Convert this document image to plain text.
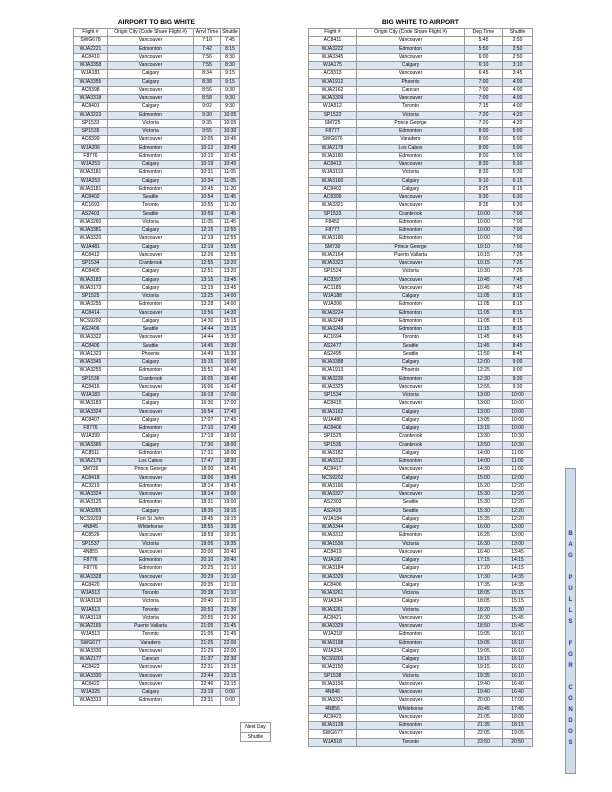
AIRPORT TO BIG WHITE
Flight #	Origin City (Code Share Flight #)	Arrvl Time	Shuttle
SWG678	Vancouver	7:10	7:45
WJA2221	Edmonton	7:42	8:15
AC8410	Vancouver	7:56	8:30
WJA3358	Vancouver	7:55	8:30
WJA181	Calgary	8:34	9:15
WJA3355	Calgary	8:38	9:15
AC8398	Vancouver	8:56	9:30
WJA3318	Vancouver	8:58	9:30
AC8401	Calgary	9:02	9:30
WJA3223	Edmonton	9:30	10:05
SP1533	Victoria	9:35	10:05
SP1535	Victoria	9:55	10:30
AC8399	Vancouver	10:05	10:45
WJA206	Edmonton	10:12	10:45
F8776	Edmonton	10:15	10:45
WJA253	Calgary	10:19	10:45
WJA3181	Edmonton	10:31	11:05
WJA253	Calgary	10:34	11:05
WJA3181	Edmonton	10:45	11:20
AC8402	Seattle	10:54	11:45
AC1693	Toronto	10:55	11:20
AS2403	Seattle	10:59	11:45
WJA3260	Victoria	11:05	11:45
WJA3381	Calgary	12:15	12:55
WJA3320	Vancouver	12:19	12:55
WJA481	Calgary	12:19	12:55
AC8412	Vancouver	12:26	12:55
SP1534	Cranbrook	12:55	13:20
AC8405	Calgary	12:51	13:20
WJA3183	Calgary	13:15	13:45
WJA3173	Calgary	13:15	13:45
SP1525	Victoria	13:25	14:00
WJA3255	Edmonton	13:28	14:00
AC8414	Vancouver	13:56	14:30
NCS9202	Calgary	14:30	15:15
AS2406	Seattle	14:44	15:15
WJA3322	Vancouver	14:44	15:30
AC8406	Seattle	14:45	15:30
WJA1323	Phoenix	14:49	15:30
WJA3345	Calgary	15:15	16:00
WJA3255	Edmonton	15:51	16:40
SP1536	Cranbrook	16:05	16:40
AC8416	Vancouver	16:06	16:40
WJA183	Calgary	16:19	17:00
WJA3183	Calgary	16:30	17:00
WJA3324	Vancouver	16:54	17:45
AC8407	Calgary	17:07	17:45
F8776	Edmonton	17:10	17:45
WJA399	Calgary	17:19	18:00
WJA3365	Calgary	17:30	18:00
AC8511	Edmonton	17:31	18:00
WJA2179	Los Cabos	17:47	18:30
SM726	Prince George	18:00	18:45
AC8418	Vancouver	18:06	18:45
AC3219	Edmonton	18:14	18:45
WJA3324	Vancouver	18:14	19:00
WJA3125	Edmonton	18:31	19:00
WJA3265	Calgary	18:35	19:15
NCS9203	Fort St John	18:45	19:15
4N845	Whitehorse	18:55	19:35
AC8526	Vancouver	18:59	19:35
SP1537	Victoria	19:05	19:35
4N855	Vancouver	20:00	20:40
F8776	Edmonton	20:10	20:40
F8776	Edmonton	20:25	21:10
WJA3328	Vancouver	20:29	21:10
AC8420	Vancouver	20:35	21:10
WJA513	Toronto	20:38	21:10
WJA3118	Victoria	20:40	21:10
WJA513	Toronto	20:53	21:30
WJA3118	Victoria	20:55	21:30
WJA2165	Puerto Vallarta	21:05	21:45
WJA513	Toronto	21:05	21:45
SWG677	Varadero	21:25	22:00
WJA3330	Vancouver	21:29	22:00
WJA2177	Cancun	21:37	22:30
AC8422	Vancouver	22:31	23:15
WJA3330	Vancouver	22:44	23:15
AC8422	Vancouver	22:46	23:15
WJA325	Calgary	23:19	0:00
WJA3313	Edmonton	23:31	0:00
Next Day
Shuttle
BIG WHITE TO AIRPORT
Flight #	Origin City (Code Share Flight #)	Dep Time	Shuttle
AC8411	Vancouver	5:45	2:50
WJA3222	Edmonton	5:50	2:50
WJA3345	Vancouver	6:00	2:50
WJA175	Calgary	6:10	3:10
AC8313	Vancouver	6:45	3:45
WJA1912	Phoenix	7:00	4:00
WJA2162	Cancun	7:00	4:00
WJA3309	Vancouver	7:00	4:00
WJA512	Toronto	7:15	4:00
SP1522	Victoria	7:20	4:20
SM725	Prince George	7:20	4:20
F8777	Edmonton	8:00	5:00
SWG676	Varadero	8:00	5:00
WJA2178	Los Cabos	8:00	5:00
WJA3180	Edmonton	8:00	5:00
AC8413	Vancouver	8:30	5:30
WJA3119	Victoria	8:30	5:30
WJA3160	Calgary	9:10	6:15
AC8402	Calgary	9:25	6:15
AC8399	Vancouver	9:30	6:30
WJA3321	Vancouver	9:35	6:30
SP1523	Cranbrook	10:00	7:00
F8452	Edmonton	10:00	7:00
F8777	Edmonton	10:00	7:00
WJA3180	Edmonton	10:00	7:00
SM730	Prince George	10:10	7:00
WJA2164	Puerto Vallarta	10:15	7:25
WJA3323	Vancouver	10:15	7:25
SP1524	Victoria	10:30	7:25
AC8397	Vancouver	10:45	7:45
AC1185	Vancouver	10:45	7:45
WJA188	Calgary	11:05	8:15
WJA206	Edmonton	11:05	8:15
WJA3224	Edmonton	11:05	8:15
WJA3248	Edmonton	11:05	8:15
WJA3249	Edmonton	11:15	8:15
AC1694	Toronto	11:45	8:45
AS2477	Seattle	11:45	8:45
AS2495	Seattle	11:50	8:45
WJA3388	Calgary	12:00	9:00
WJA1913	Phoenix	12:25	9:00
WJA3239	Edmonton	12:30	9:30
WJA3325	Vancouver	12:55	9:30
SP1534	Victoria	13:00	10:00
AC8415	Vancouver	13:00	10:00
WJA3162	Calgary	13:00	10:00
WJA480	Calgary	13:05	10:00
AC8406	Calgary	13:15	10:00
SP1525	Cranbrook	13:30	10:30
SP1535	Cranbrook	13:50	10:30
WJA3182	Calgary	14:00	11:00
WJA3312	Edmonton	14:00	11:00
AC8417	Vancouver	14:30	11:00
NCS9202	Calgary	15:00	12:00
WJA3166	Calgary	15:20	12:20
WJA3327	Vancouver	15:30	12:20
AS2303	Seattle	15:30	12:20
AS2429	Seattle	15:30	12:20
WJA184	Calgary	15:35	12:20
WJA3344	Calgary	16:00	13:00
WJA3312	Edmonton	16:25	13:00
WJA1536	Victoria	16:30	13:00
AC8419	Vancouver	16:40	13:45
WJA182	Calgary	17:15	14:15
WJA3184	Calgary	17:20	14:15
WJA3329	Vancouver	17:30	14:35
AC8406	Calgary	17:35	14:35
WJA3261	Victoria	18:05	15:15
WJA334	Calgary	18:05	15:15
WJA3261	Victoria	18:20	15:30
AC8421	Vancouver	18:30	15:45
WJA3329	Vancouver	18:50	15:45
WJA218	Edmonton	19:05	16:10
WJA3198	Edmonton	19:05	16:10
WJA334	Calgary	19:05	16:10
NCS9203	Calgary	19:15	16:10
WJA3150	Calgary	19:15	16:10
SP1538	Victoria	19:35	16:10
WJA3156	Vancouver	19:40	16:40
4N846	Vancouver	19:40	16:40
WJA3331	Vancouver	20:00	17:00
4N856	Whitehorse	20:45	17:45
AC8423	Vancouver	21:05	18:00
WJA3128	Edmonton	21:35	18:15
SWG677	Vancouver	22:05	19:05
WJA518	Toronto	23:50	20:50
B
A
G
P
U
L
L
S
F
O
R
C
O
N
D
O
S
